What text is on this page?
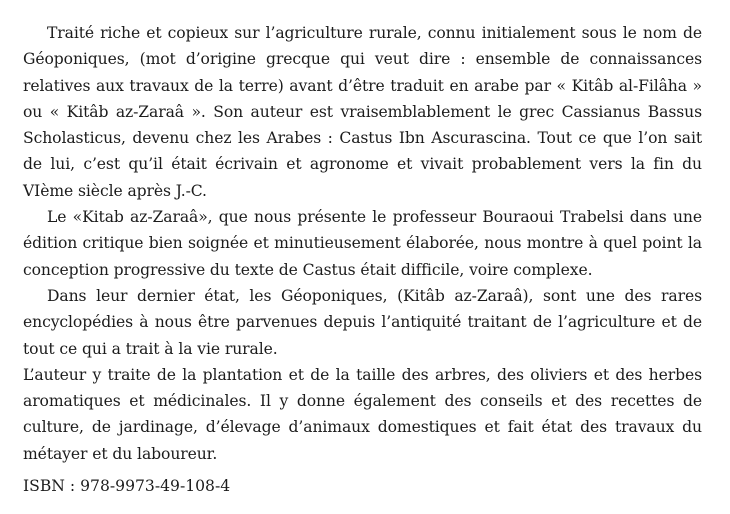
Traité riche et copieux sur l’agriculture rurale, connu initialement sous le nom de Géoponiques, (mot d’origine grecque qui veut dire : ensemble de connaissances relatives aux travaux de la terre) avant d’être traduit en arabe par « Kitâb al-Filâha » ou « Kitâb az-Zaraâ ». Son auteur est vraisemblablement le grec Cassianus Bassus Scholasticus, devenu chez les Arabes : Castus Ibn Ascurascina. Tout ce que l’on sait de lui, c’est qu’il était écrivain et agronome et vivait probablement vers la fin du VIème siècle après J.-C.

Le «Kitab az-Zaraâ», que nous présente le professeur Bouraoui Trabelsi dans une édition critique bien soignée et minutieusement élaborée, nous montre à quel point la conception progressive du texte de Castus était difficile, voire complexe.

Dans leur dernier état, les Géoponiques, (Kitâb az-Zaraâ), sont une des rares encyclopédies à nous être parvenues depuis l’antiquité traitant de l’agriculture et de tout ce qui a trait à la vie rurale.

L’auteur y traite de la plantation et de la taille des arbres, des oliviers et des herbes aromatiques et médicinales. Il y donne également des conseils et des recettes de culture, de jardinage, d’élevage d’animaux domestiques et fait état des travaux du métayer et du laboureur.

ISBN : 978-9973-49-108-4
